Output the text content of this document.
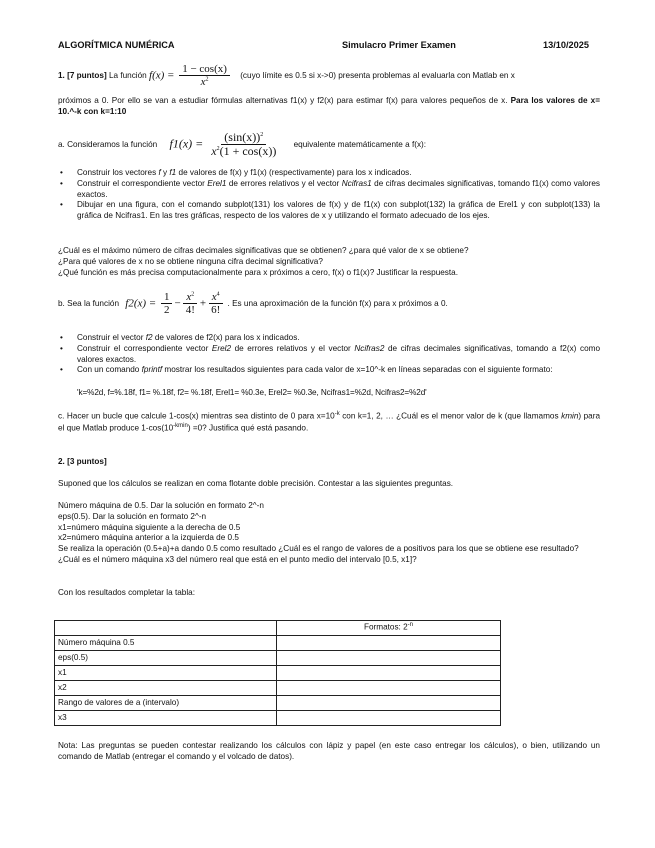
ALGORÍTMICA NUMÉRICA	Simulacro Primer Examen	13/10/2025
1. [7 puntos] La función $f(x) = \frac{1 - \cos(x)}{x^2}$ (cuyo límite es 0.5 si x->0) presenta problemas al evaluarla con Matlab en x
próximos a 0. Por ello se van a estudiar fórmulas alternativas f1(x) y f2(x) para estimar f(x) para valores pequeños de x. Para los valores de x= 10.^-k con k=1:10
a. Consideramos la función $f1(x) = \frac{(\sin(x))^2}{x^2(1 + \cos(x))}$ equivalente matemáticamente a f(x):
• Construir los vectores f y f1 de valores de f(x) y f1(x) (respectivamente) para los x indicados.
• Construir el correspondiente vector Erel1 de errores relativos y el vector Ncifras1 de cifras decimales significativas, tomando f1(x) como valores exactos.
• Dibujar en una figura, con el comando subplot(131) los valores de f(x) y de f1(x) con subplot(132) la gráfica de Erel1 y con subplot(133) la gráfica de Ncifras1. En las tres gráficas, respecto de los valores de x y utilizando el formato adecuado de los ejes.
¿Cuál es el máximo número de cifras decimales significativas que se obtienen? ¿para qué valor de x se obtiene?
¿Para qué valores de x no se obtiene ninguna cifra decimal significativa?
¿Qué función es más precisa computacionalmente para x próximos a cero, f(x) o f1(x)? Justificar la respuesta.
b. Sea la función $f2(x) = \frac{1}{2} - \frac{x^2}{4!} + \frac{x^4}{6!}$ . Es una aproximación de la función f(x) para x próximos a 0.
• Construir el vector f2 de valores de f2(x) para los x indicados.
• Construir el correspondiente vector Erel2 de errores relativos y el vector Ncifras2 de cifras decimales significativas, tomando a f2(x) como valores exactos.
• Con un comando fprintf mostrar los resultados siguientes para cada valor de x=10^-k en líneas separadas con el siguiente formato:
'k=%2d, f=%.18f, f1= %.18f, f2= %.18f, Erel1= %0.3e, Erel2= %0.3e, Ncifras1=%2d, Ncifras2=%2d'
c. Hacer un bucle que calcule 1-cos(x) mientras sea distinto de 0 para $x=10^{-k}$ con k=1, 2, … ¿Cuál es el menor valor de k (que llamamos kmin) para el que Matlab produce $1-\cos(10^{-kmin}) =0$? Justifica qué está pasando.
2. [3 puntos]
Suponed que los cálculos se realizan en coma flotante doble precisión. Contestar a las siguientes preguntas.
Número máquina de 0.5. Dar la solución en formato 2^-n
eps(0.5). Dar la solución en formato 2^-n
x1=número máquina siguiente a la derecha de 0.5
x2=número máquina anterior a la izquierda de 0.5
Se realiza la operación (0.5+a)+a dando 0.5 como resultado ¿Cuál es el rango de valores de a positivos para los que se obtiene ese resultado?
¿Cuál es el número máquina x3 del número real que está en el punto medio del intervalo [0.5, x1]?
Con los resultados completar la tabla:
	Formatos: $2^{-n}$
Número máquina 0.5	
eps(0.5)	
x1	
x2	
Rango de valores de a (intervalo)	
x3	
Nota: Las preguntas se pueden contestar realizando los cálculos con lápiz y papel (en este caso entregar los cálculos), o bien, utilizando un comando de Matlab (entregar el comando y el volcado de datos).
